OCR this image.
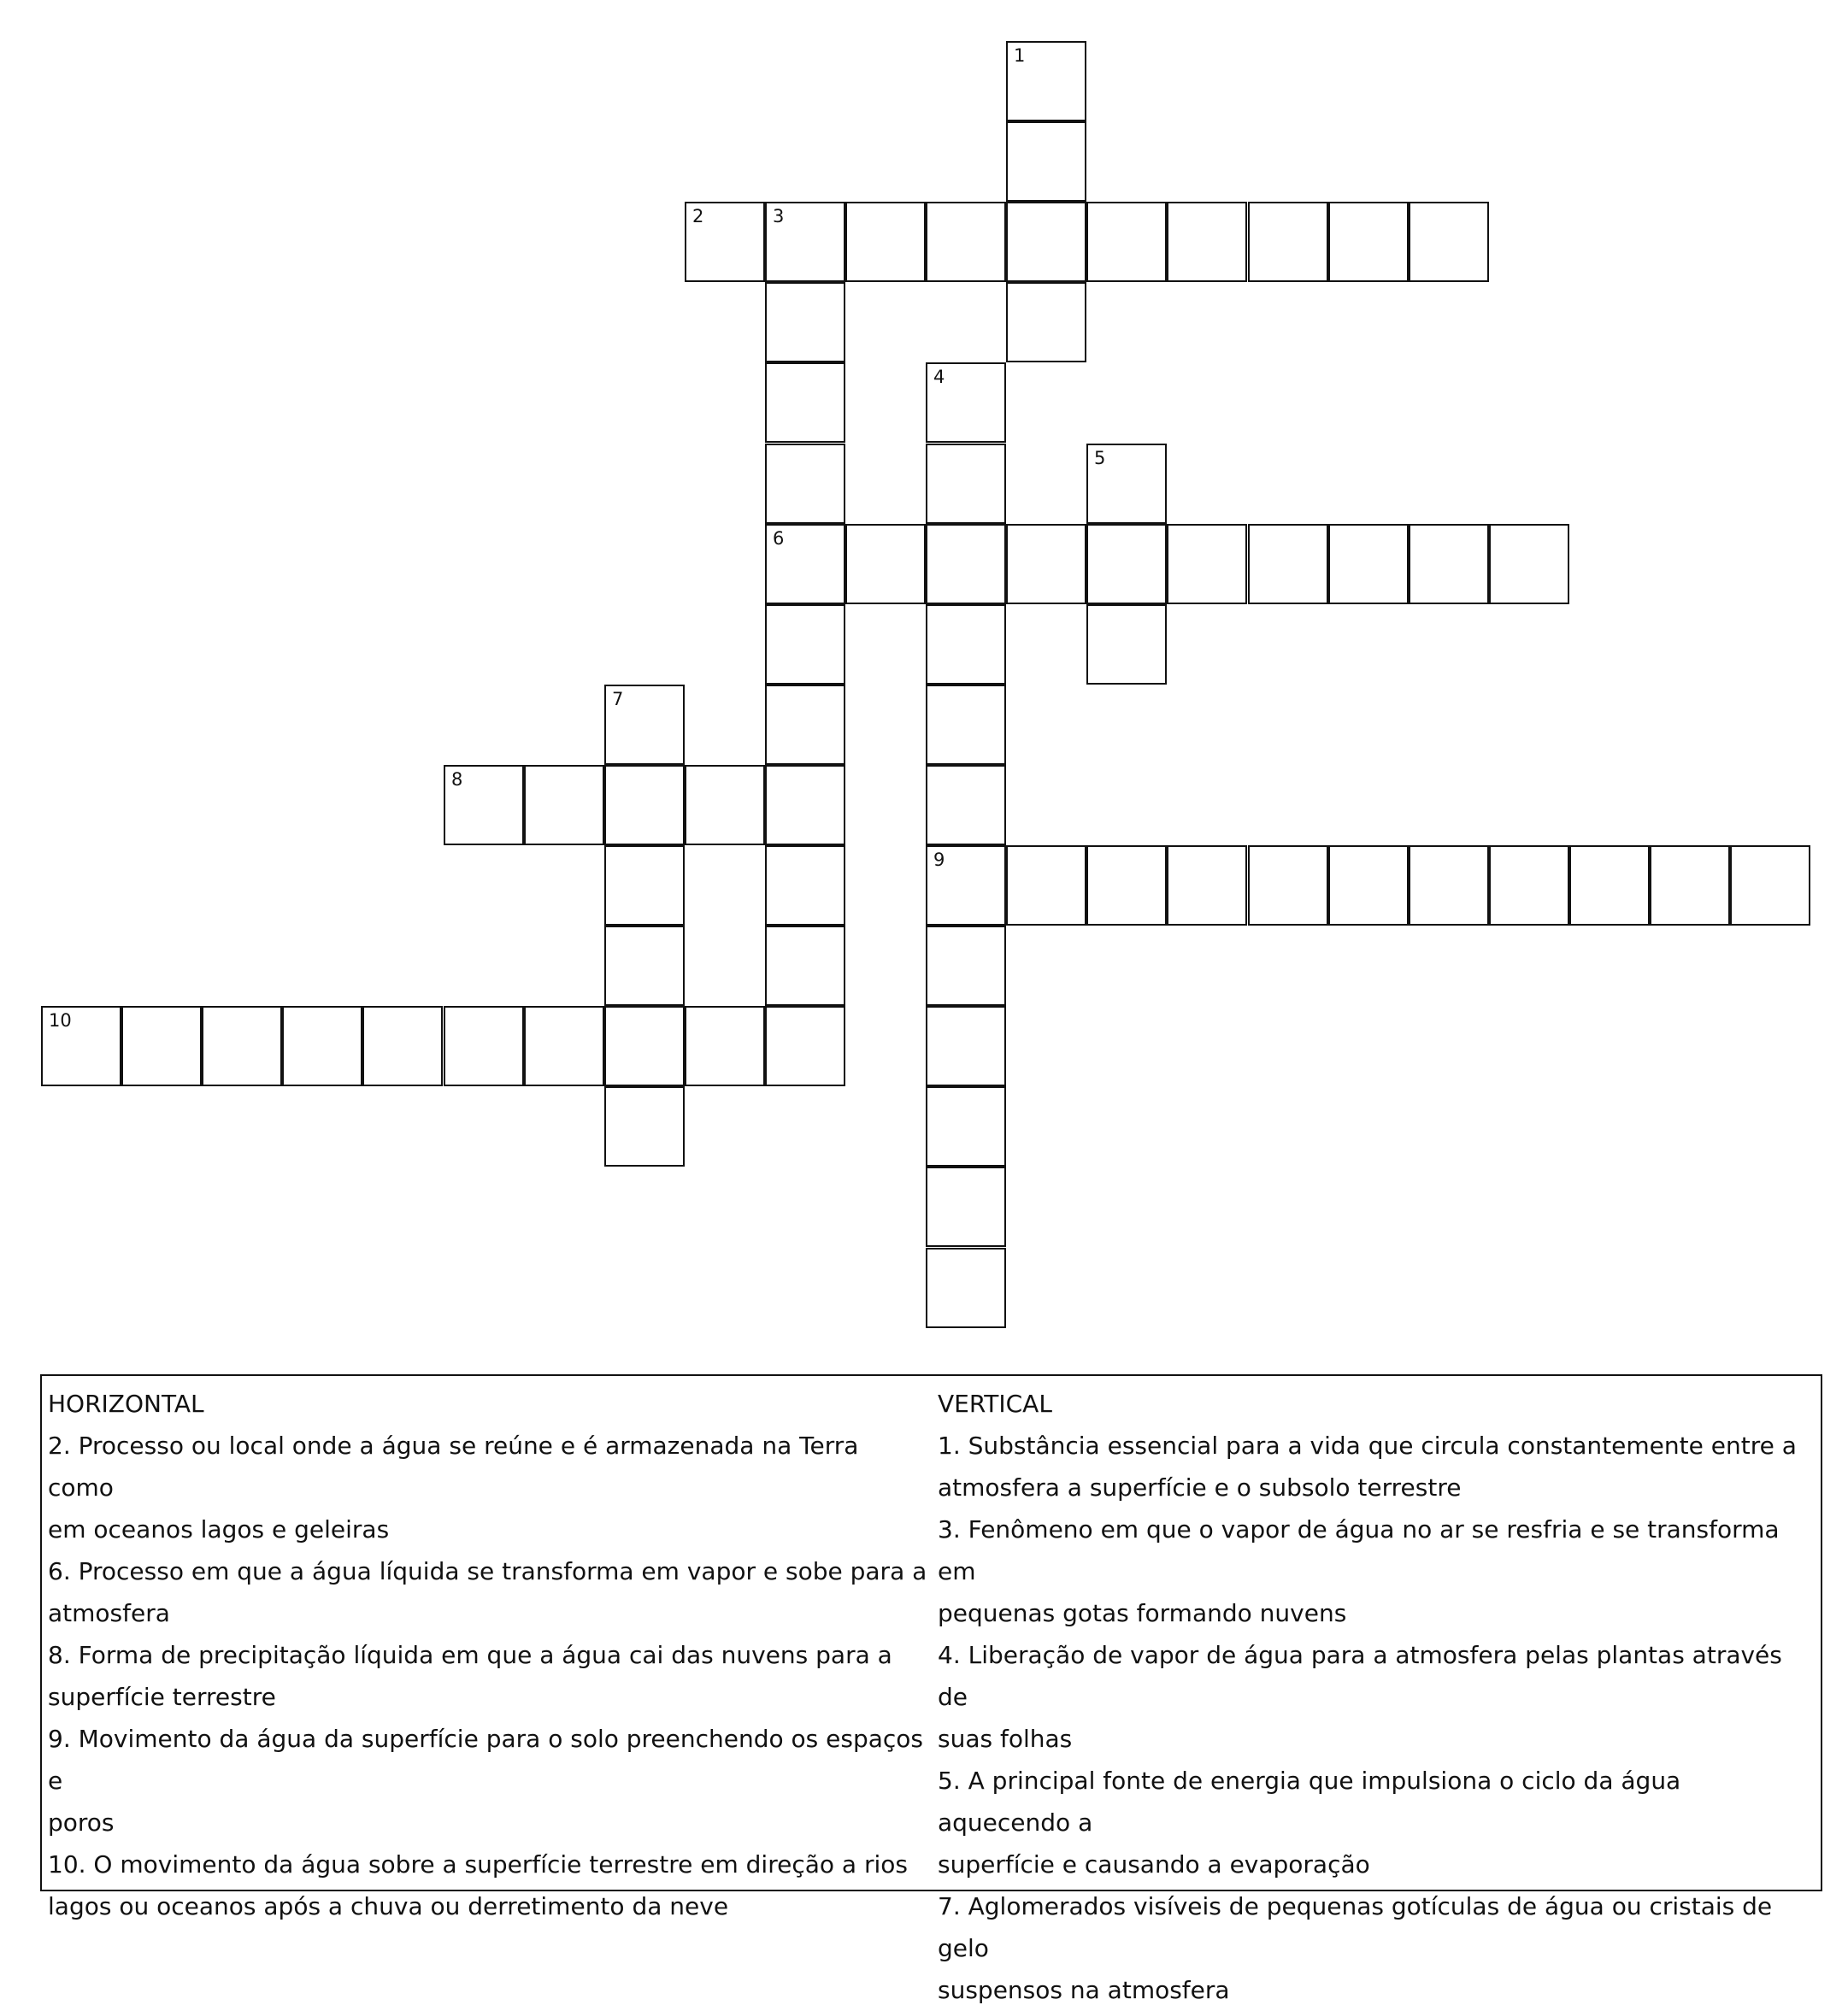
1
2	3
6
4
9
5
7
8
10

HORIZONTAL

2. Processo ou local onde a água se reúne e é armazenada na Terra como
em oceanos lagos e geleiras
6. Processo em que a água líquida se transforma em vapor e sobe para a
atmosfera
8. Forma de precipitação líquida em que a água cai das nuvens para a
superfície terrestre
9. Movimento da água da superfície para o solo preenchendo os espaços e
poros
10. O movimento da água sobre a superfície terrestre em direção a rios
lagos ou oceanos após a chuva ou derretimento da neve

VERTICAL

1. Substância essencial para a vida que circula constantemente entre a
atmosfera a superfície e o subsolo terrestre
3. Fenômeno em que o vapor de água no ar se resfria e se transforma em
pequenas gotas formando nuvens
4. Liberação de vapor de água para a atmosfera pelas plantas através de
suas folhas
5. A principal fonte de energia que impulsiona o ciclo da água aquecendo a
superfície e causando a evaporação
7. Aglomerados visíveis de pequenas gotículas de água ou cristais de gelo
suspensos na atmosfera
